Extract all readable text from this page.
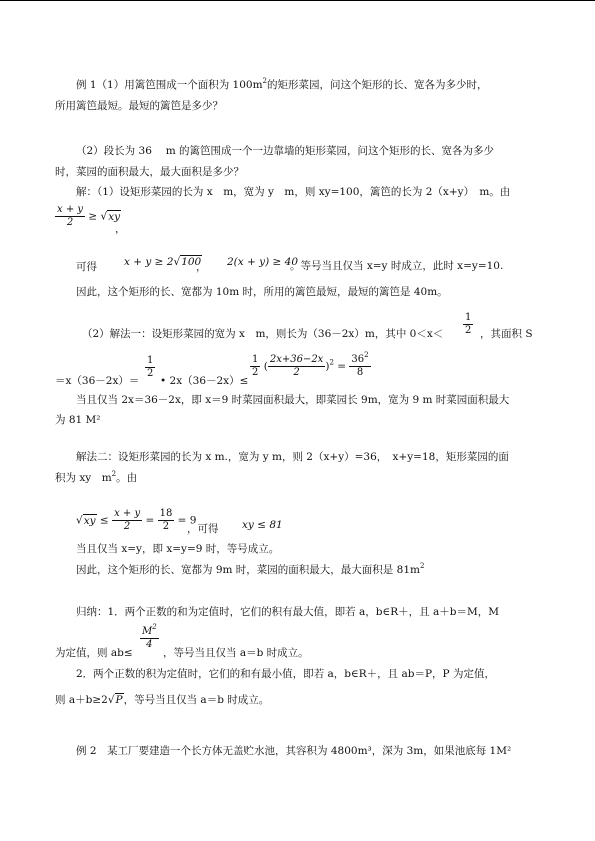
例 1（1）用篱笆围成一个面积为 $100m^2$的矩形菜园，问这个矩形的长、宽各为多少时，
所用篱笆最短。最短的篱笆是多少？
（2）段长为 36　 m 的篱笆围成一个一边靠墙的矩形菜园，问这个矩形的长、宽各为多少
时，菜园的面积最大，最大面积是多少？
解：（1）设矩形菜园的长为 x　m，宽为 y　m，则 xy=100，篱笆的长为 2（x+y）　m。由
$\frac{x + y}{2} \ge √xy$
，
可得	x + y ≥ 2√100
， 2(x + y) ≥ 40
。等号当且仅当 x=y 时成立，此时 x=y=10.
因此，这个矩形的长、宽都为 10m 时，所用的篱笆最短，最短的篱笆是 40m。
（2）解法一：设矩形菜园的宽为 x　m，则长为（36－2x）m，其中 $0<x< \frac{1}{2}$ ，其面积 S
＝x（36－2x）＝
$\frac{1}{2}$
• 2x（36－2x）≤
$\frac{1}{2}$ ( $\frac{2x+36-2x}{2} )^2 = \frac{36^2}{8}$
当且仅当 2x＝36－2x，即 x＝9 时菜园面积最大，即菜园长 9m，宽为 9 m 时菜园面积最大
为 81 M²
解法二：设矩形菜园的长为 x m.，宽为 y m，则 2（x+y）=36，　x+y=18，矩形菜园的面
积为 xy　$m^2$。由
$√xy \le \frac{x + y}{2} = \frac{18}{2} = 9$
，可得 xy ≤ 81
当且仅当 x=y，即 x=y=9 时，等号成立。
因此，这个矩形的长、宽都为 9m 时，菜园的面积最大，最大面积是 $81m^2$
归纳：1．两个正数的和为定值时，它们的积有最大值，即若 a，b∈R＋，且 a＋b＝M，M
为定值，则 ab≤
$\frac{M^2}{4}$
，等号当且仅当 a＝b 时成立。
2．两个正数的积为定值时，它们的和有最小值，即若 a，b∈R＋，且 ab＝P，P 为定值，
则 a＋b≥2√P，等号当且仅当 a＝b 时成立。
例 2　某工厂要建造一个长方体无盖贮水池，其容积为 4800m³，深为 3m，如果池底每 1M²
